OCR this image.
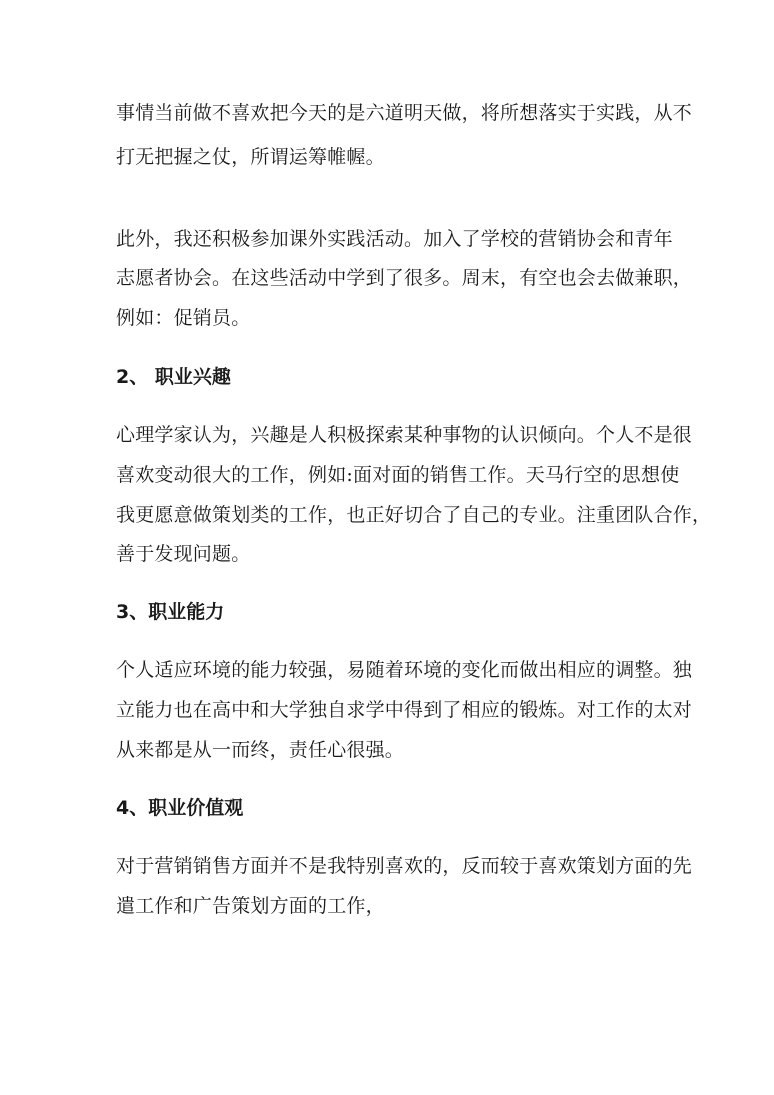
事情当前做不喜欢把今天的是六道明天做，将所想落实于实践，从不
打无把握之仗，所谓运筹帷幄。
此外，我还积极参加课外实践活动。加入了学校的营销协会和青年
志愿者协会。在这些活动中学到了很多。周末，有空也会去做兼职，
例如：促销员。
2、 职业兴趣
心理学家认为，兴趣是人积极探索某种事物的认识倾向。个人不是很
喜欢变动很大的工作，例如:面对面的销售工作。天马行空的思想使
我更愿意做策划类的工作，也正好切合了自己的专业。注重团队合作，
善于发现问题。
3、职业能力
个人适应环境的能力较强，易随着环境的变化而做出相应的调整。独
立能力也在高中和大学独自求学中得到了相应的锻炼。对工作的太对
从来都是从一而终，责任心很强。
4、职业价值观
对于营销销售方面并不是我特别喜欢的，反而较于喜欢策划方面的先
遣工作和广告策划方面的工作，
